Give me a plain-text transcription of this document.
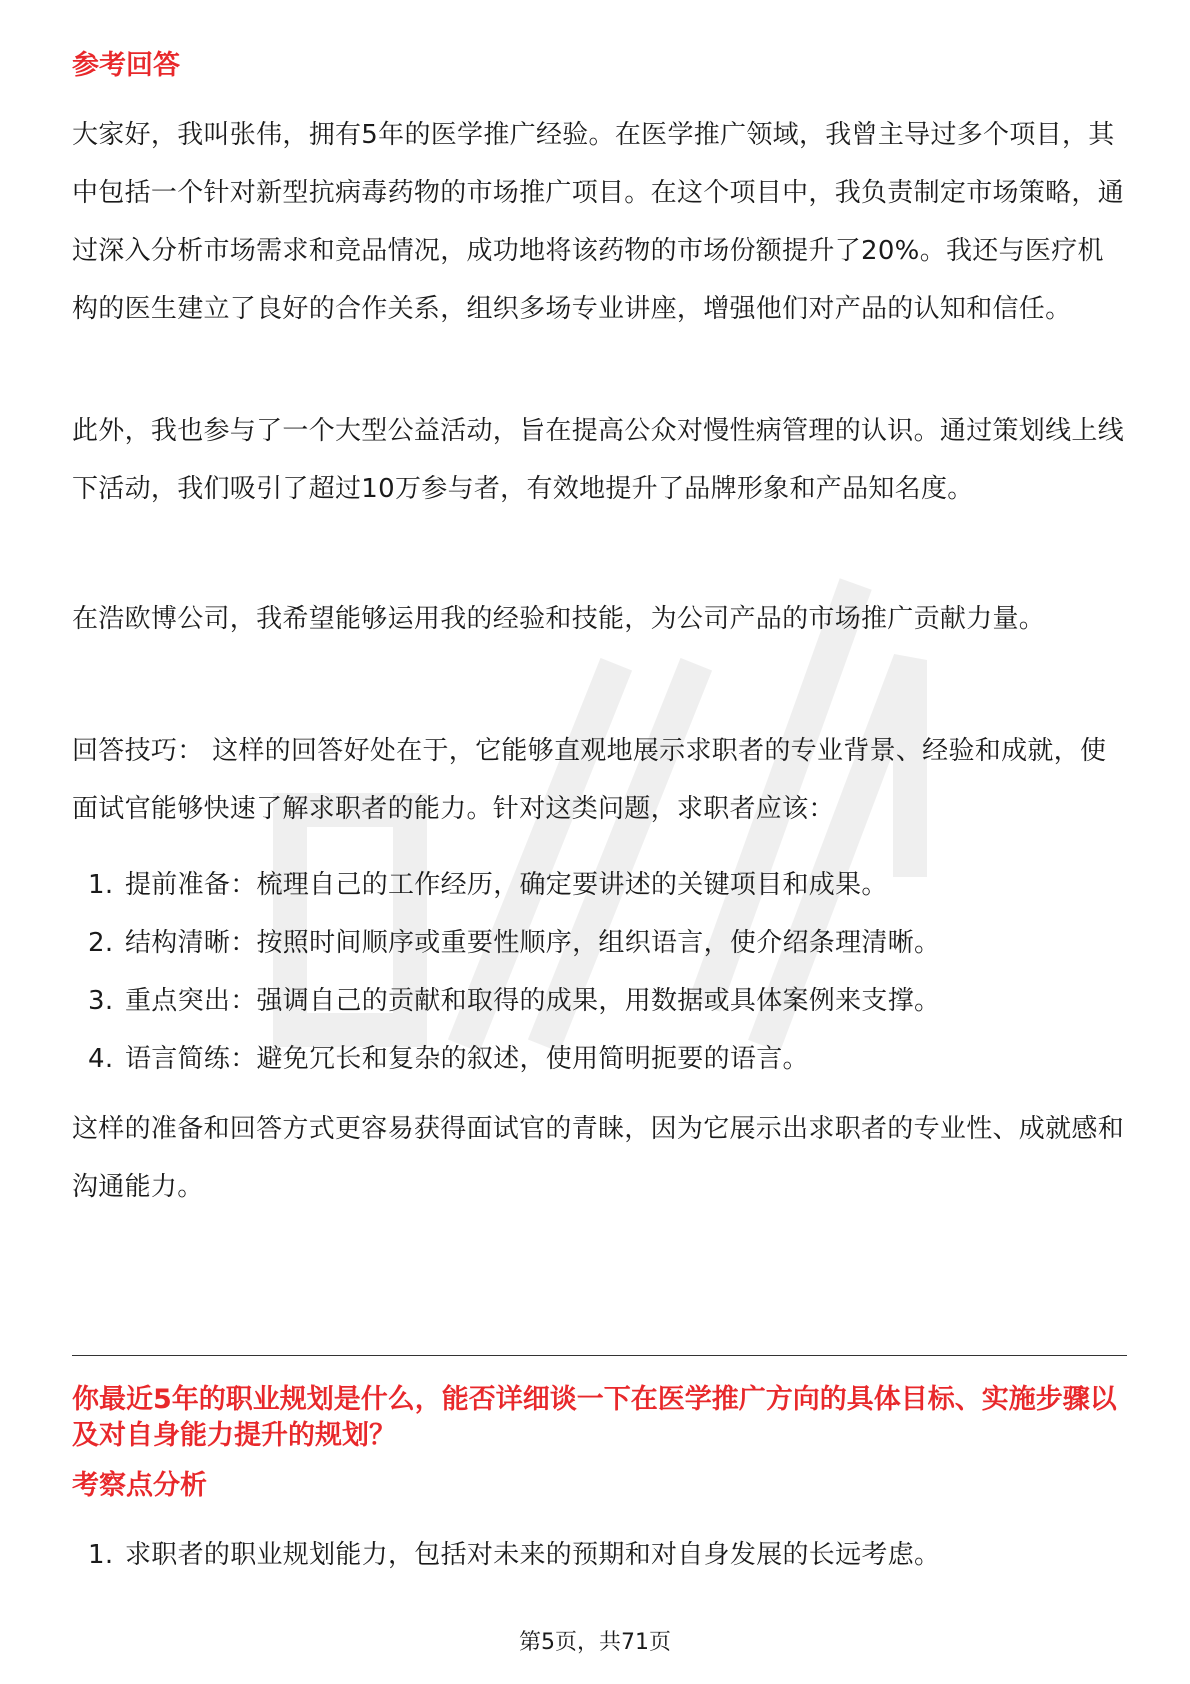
参考回答

大家好，我叫张伟，拥有5年的医学推广经验。在医学推广领域，我曾主导过多个项目，其中包括一个针对新型抗病毒药物的市场推广项目。在这个项目中，我负责制定市场策略，通过深入分析市场需求和竞品情况，成功地将该药物的市场份额提升了20%。我还与医疗机构的医生建立了良好的合作关系，组织多场专业讲座，增强他们对产品的认知和信任。

此外，我也参与了一个大型公益活动，旨在提高公众对慢性病管理的认识。通过策划线上线下活动，我们吸引了超过10万参与者，有效地提升了品牌形象和产品知名度。

在浩欧博公司，我希望能够运用我的经验和技能，为公司产品的市场推广贡献力量。

回答技巧： 这样的回答好处在于，它能够直观地展示求职者的专业背景、经验和成就，使面试官能够快速了解求职者的能力。针对这类问题，求职者应该：

1. 提前准备：梳理自己的工作经历，确定要讲述的关键项目和成果。
2. 结构清晰：按照时间顺序或重要性顺序，组织语言，使介绍条理清晰。
3. 重点突出：强调自己的贡献和取得的成果，用数据或具体案例来支撑。
4. 语言简练：避免冗长和复杂的叙述，使用简明扼要的语言。

这样的准备和回答方式更容易获得面试官的青睐，因为它展示出求职者的专业性、成就感和沟通能力。

你最近5年的职业规划是什么，能否详细谈一下在医学推广方向的具体目标、实施步骤以及对自身能力提升的规划？

考察点分析
1. 求职者的职业规划能力，包括对未来的预期和对自身发展的长远考虑。
第5页，共71页
